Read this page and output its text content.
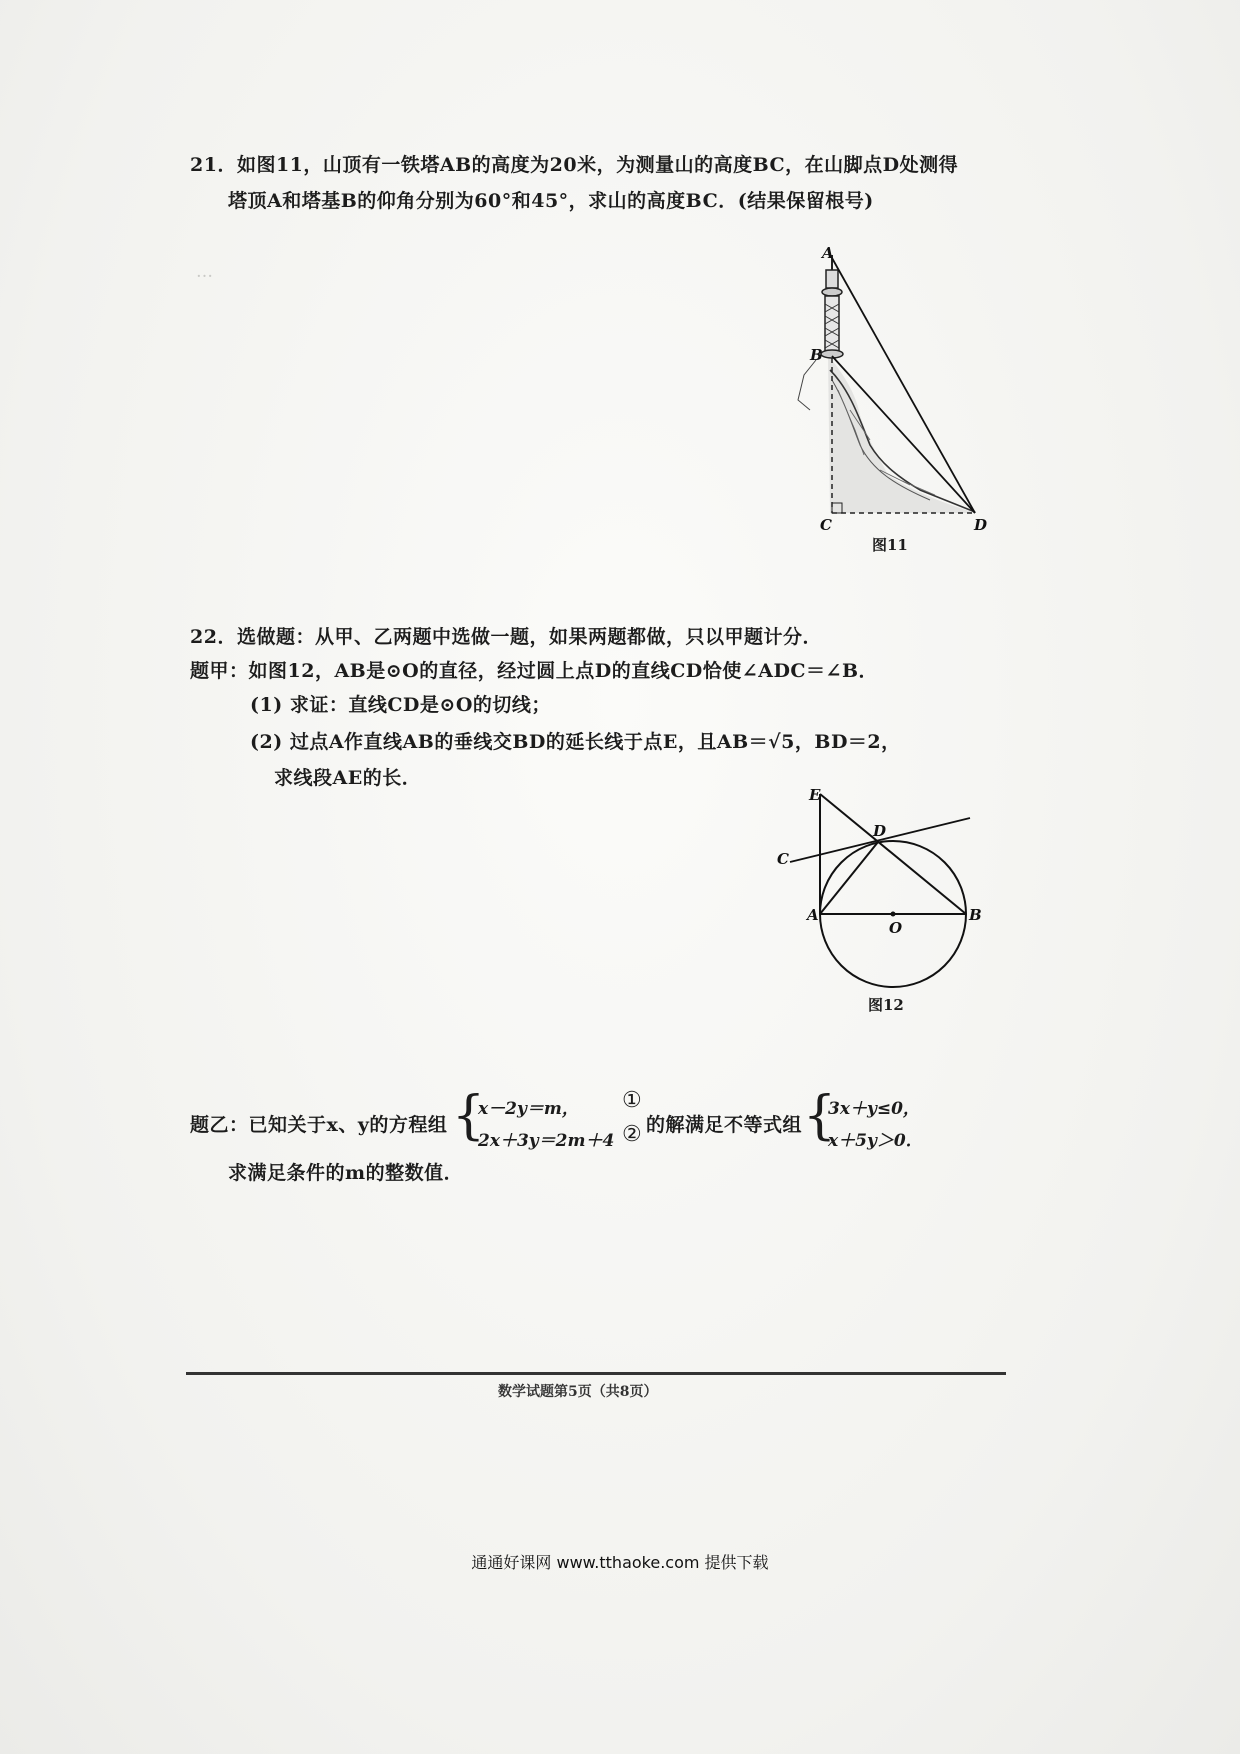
…
21．如图11，山顶有一铁塔AB的高度为20米，为测量山的高度BC，在山脚点D处测得
塔顶A和塔基B的仰角分别为60°和45°，求山的高度BC．(结果保留根号)
A
B
C	D
图11
22．选做题：从甲、乙两题中选做一题，如果两题都做，只以甲题计分．
题甲：如图12，AB是⊙O的直径，经过圆上点D的直线CD恰使∠ADC＝∠B．
(1) 求证：直线CD是⊙O的切线；
(2) 过点A作直线AB的垂线交BD的延长线于点E，且AB＝√5，BD＝2，
求线段AE的长．
E
D
C
A	B
O
图12
题乙：已知关于x、y的方程组 {
x－2y＝m，
2x＋3y＝2m＋4
①
② 的解满足不等式组 {
3x＋y≤0，
x＋5y＞0．
求满足条件的m的整数值．
数学试题第5页（共8页）
通通好课网 www.tthaoke.com 提供下载
